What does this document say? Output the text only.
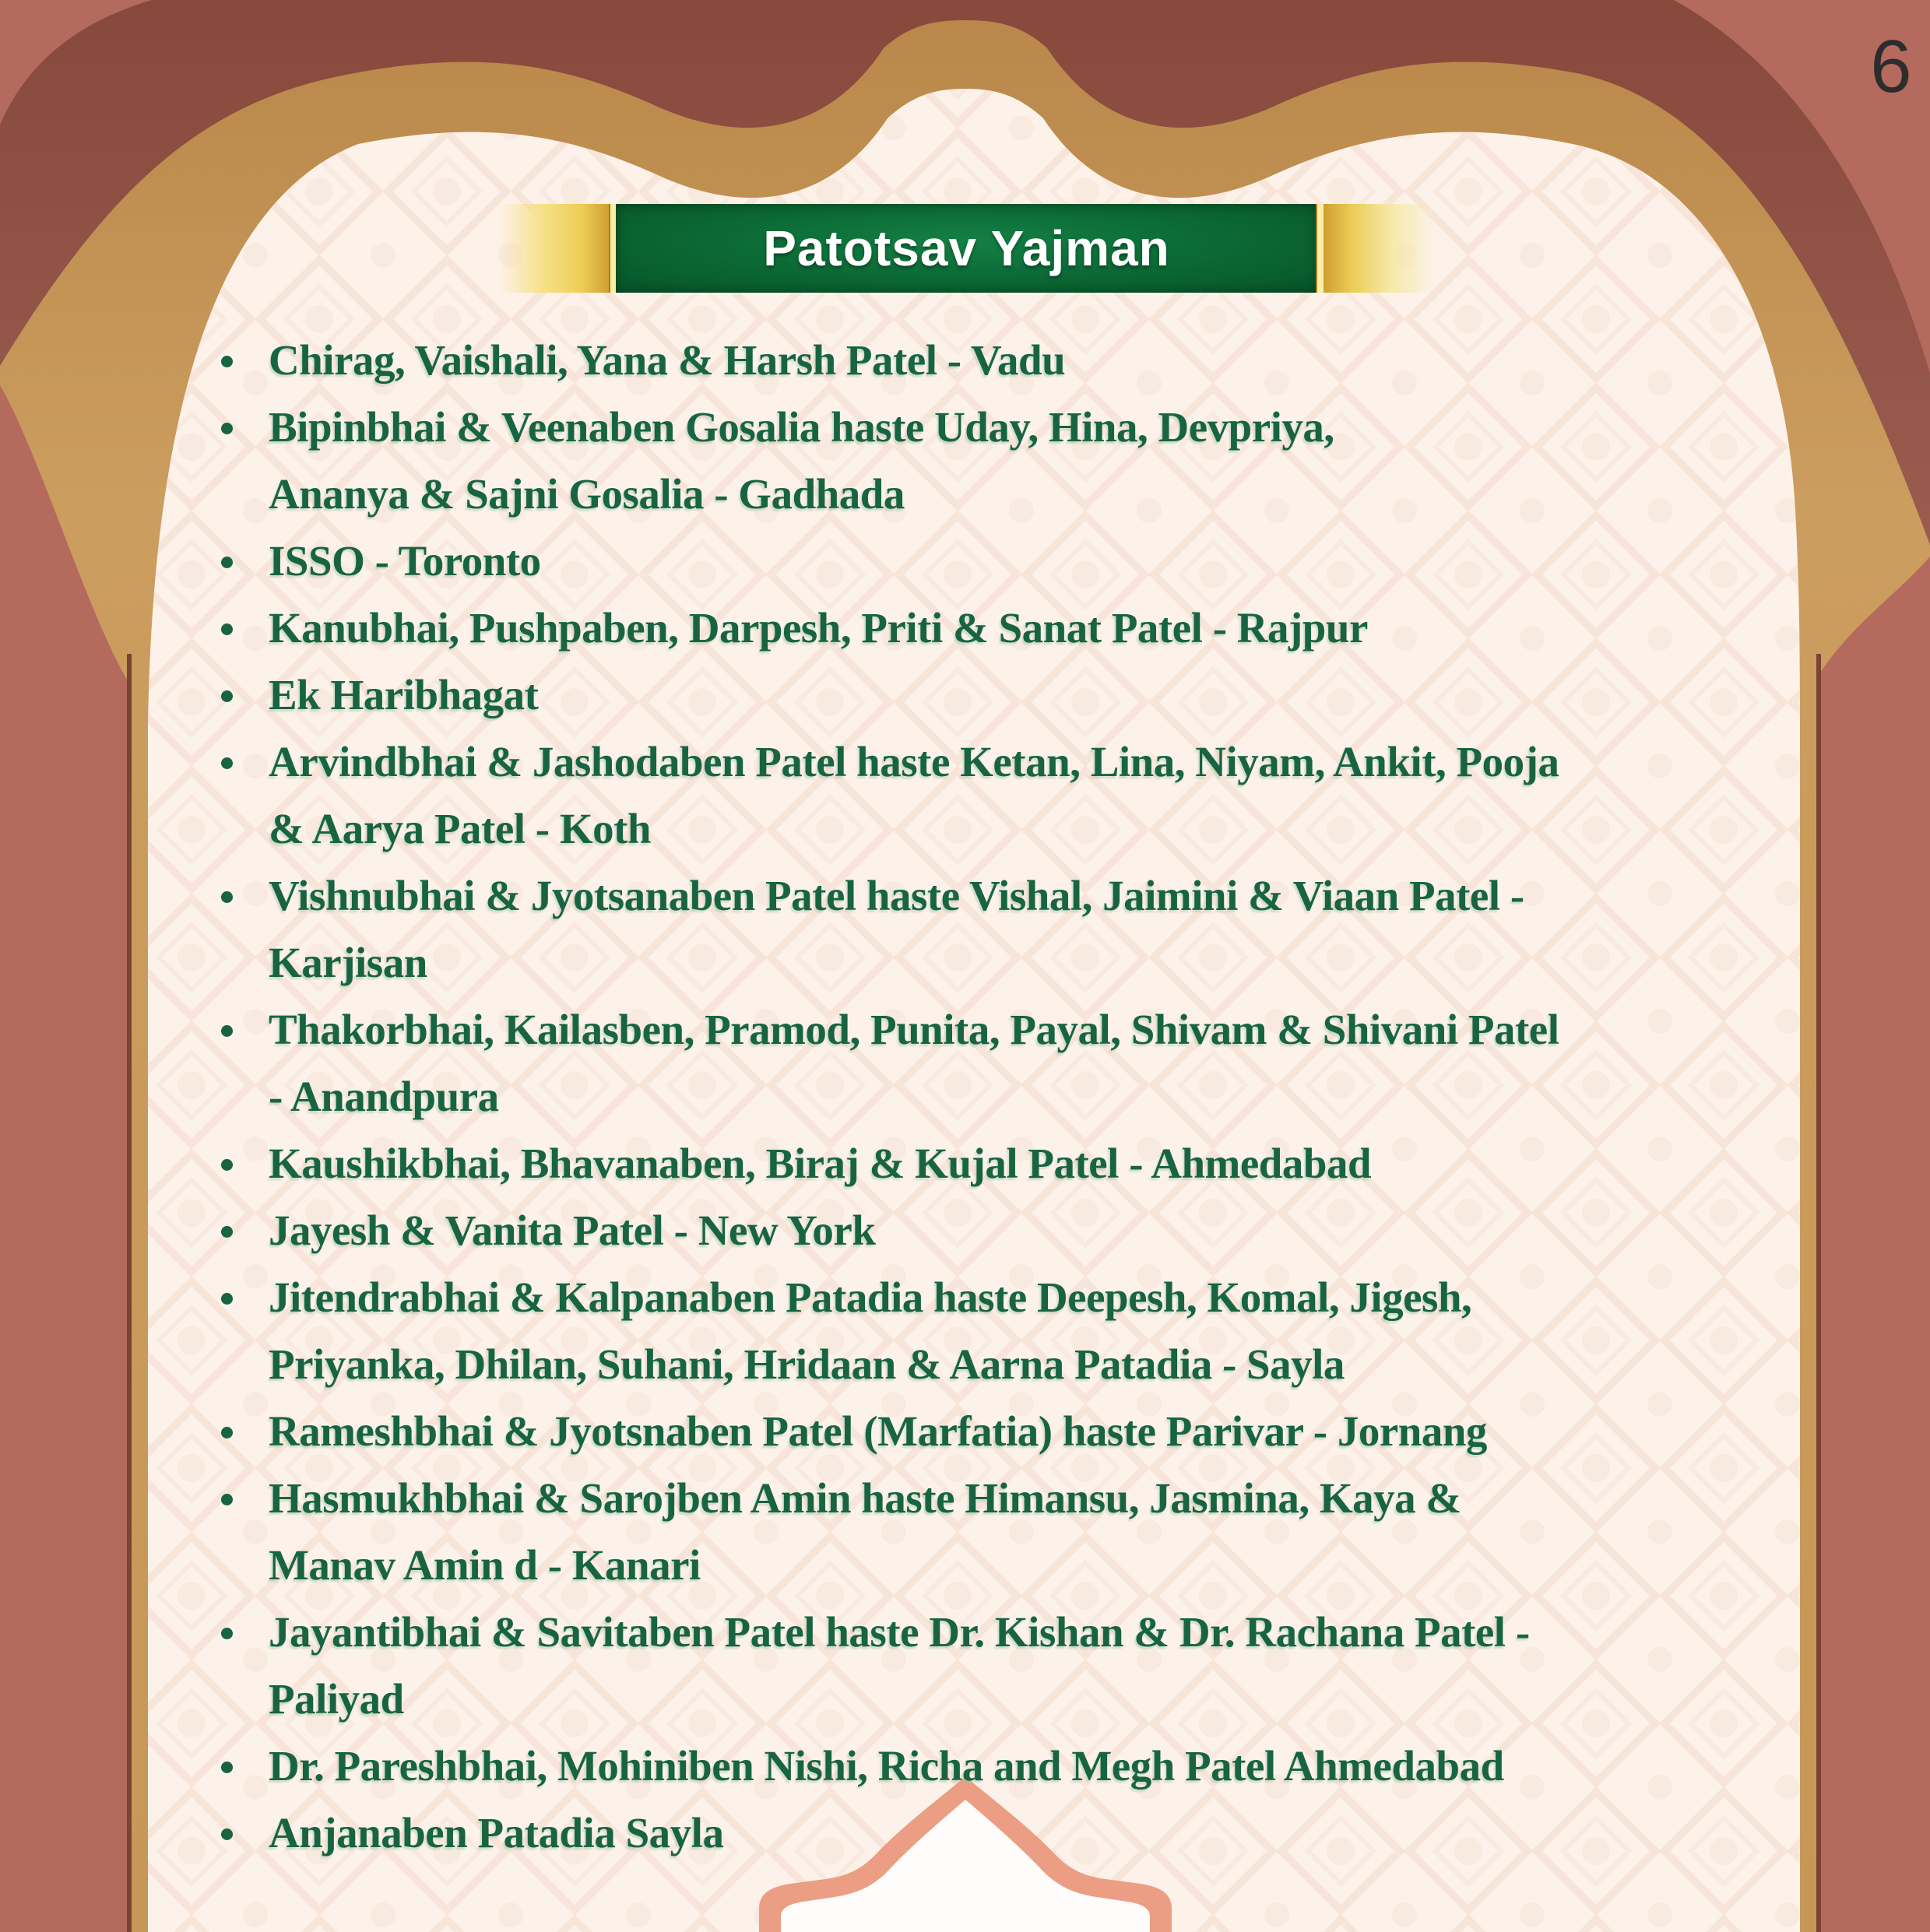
Patotsav Yajman
6
Chirag, Vaishali, Yana & Harsh Patel - Vadu
Bipinbhai & Veenaben Gosalia haste Uday, Hina, Devpriya,
Ananya & Sajni Gosalia - Gadhada
ISSO - Toronto
Kanubhai, Pushpaben, Darpesh, Priti & Sanat Patel - Rajpur
Ek Haribhagat
Arvindbhai & Jashodaben Patel haste Ketan, Lina, Niyam, Ankit, Pooja
& Aarya Patel - Koth
Vishnubhai & Jyotsanaben Patel haste Vishal, Jaimini & Viaan Patel -
Karjisan
Thakorbhai, Kailasben, Pramod, Punita, Payal, Shivam & Shivani Patel
- Anandpura
Kaushikbhai, Bhavanaben, Biraj & Kujal Patel - Ahmedabad
Jayesh & Vanita Patel - New York
Jitendrabhai & Kalpanaben Patadia haste Deepesh, Komal, Jigesh,
Priyanka, Dhilan, Suhani, Hridaan & Aarna Patadia - Sayla
Rameshbhai & Jyotsnaben Patel (Marfatia) haste Parivar - Jornang
Hasmukhbhai & Sarojben Amin haste Himansu, Jasmina, Kaya &
Manav Amin d - Kanari
Jayantibhai & Savitaben Patel haste Dr. Kishan & Dr. Rachana Patel -
Paliyad
Dr. Pareshbhai, Mohiniben Nishi, Richa and Megh Patel Ahmedabad
Anjanaben Patadia Sayla
